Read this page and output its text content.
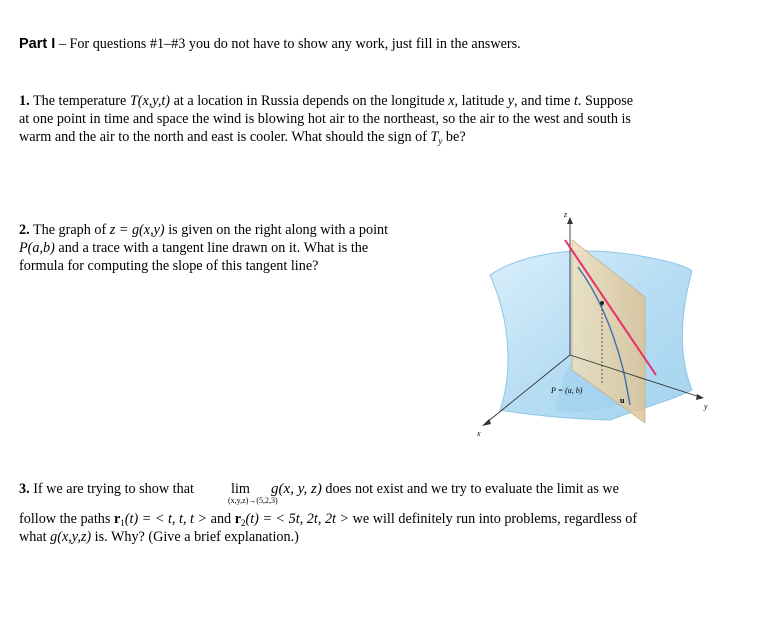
Part I – For questions #1–#3 you do not have to show any work, just fill in the answers.
1. The temperature T(x,y,t) at a location in Russia depends on the longitude x, latitude y, and time t. Suppose
at one point in time and space the wind is blowing hot air to the northeast, so the air to the west and south is
warm and the air to the north and east is cooler. What should the sign of $T_y$ be?
2. The graph of z = g(x,y) is given on the right along with a point
P(a,b) and a trace with a tangent line drawn on it. What is the
formula for computing the slope of this tangent line?
z
x
y
P = (a, b)
u
3. If we are trying to show that	lim g(x, y, z) does not exist and we try to evaluate the limit as we
(x,y,z)→(5,2,3)
follow the paths $r_1(t)$ = < t, t, t > and $r_2(t)$ = < 5t, 2t, 2t > we will definitely run into problems, regardless of
what g(x,y,z) is. Why? (Give a brief explanation.)
